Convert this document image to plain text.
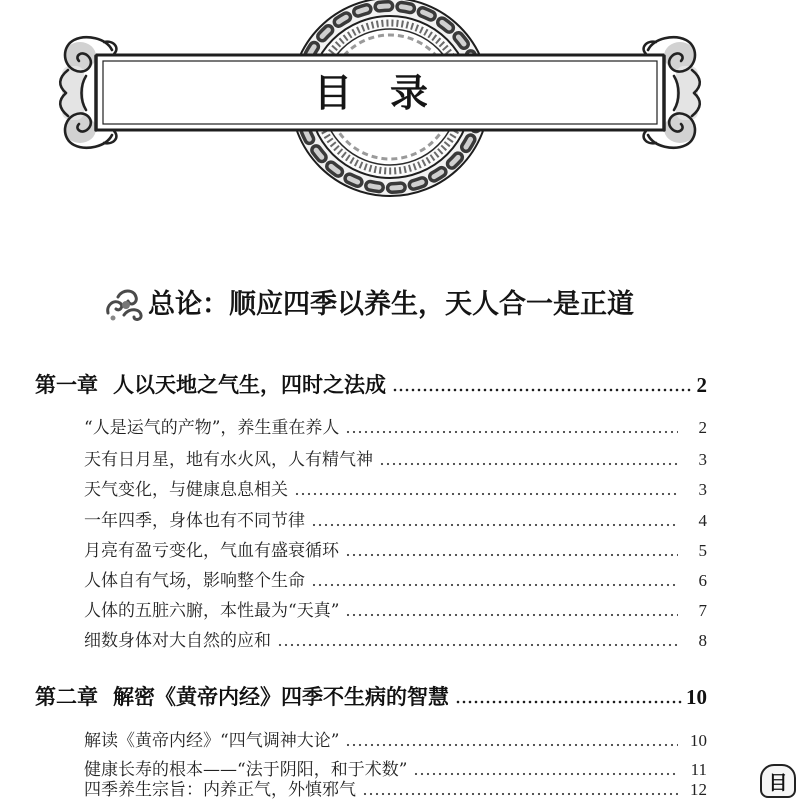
目　录
总论：顺应四季以养生，天人合一是正道
第一章 人以天地之气生，四时之法成	2
“人是运气的产物”，养生重在养人	2
天有日月星，地有水火风，人有精气神	3
天气变化，与健康息息相关	3
一年四季，身体也有不同节律	4
月亮有盈亏变化，气血有盛衰循环	5
人体自有气场，影响整个生命	6
人体的五脏六腑，本性最为“天真”	7
细数身体对大自然的应和	8
第二章 解密《黄帝内经》四季不生病的智慧	10
解读《黄帝内经》“四气调神大论”	10
健康长寿的根本——“法于阴阳，和于术数”	11
四季养生宗旨：内养正气，外慎邪气	12	目
